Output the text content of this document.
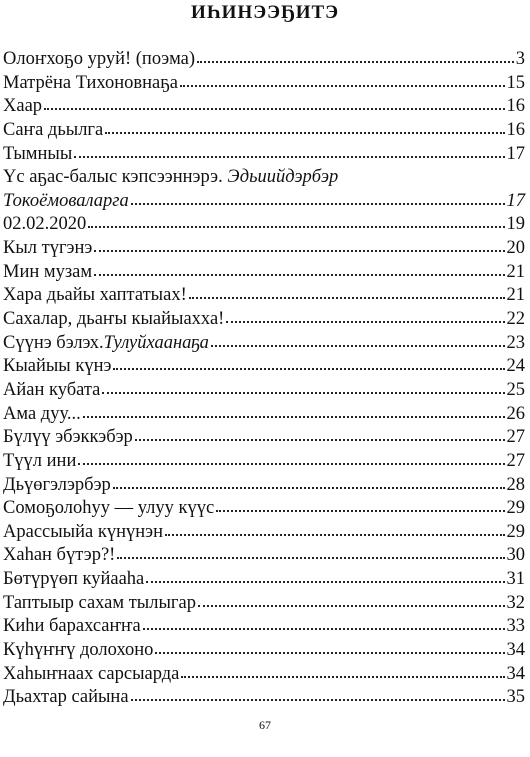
ИҺИНЭЭҔИТЭ
Олоҥхоҕо уруй! (поэма)	3
Матрёна Тихоновнаҕа	15
Хаар	16
Саҥа дьылга	16
Тымныы	17
Үс аҕас-балыс кэпсээннэрэ. Эдьиийдэрбэр
Токоёмоваларга	17
02.02.2020	19
Кыл түгэнэ	20
Мин музам	21
Хара дьайы хаптатыах!	21
Сахалар, дьаҥы кыайыахха!	22
Сүүнэ бэлэх. Тулуйхаанаҕа	23
Кыайыы күнэ	24
Айан кубата	25
Ама дуу...	26
Бүлүү эбэккэбэр	27
Түүл ини	27
Дьүөгэлэрбэр	28
Сомоҕолоһуу — улуу күүс	29
Арассыыйа күнүнэн	29
Хаһан бүтэр?!	30
Бөтүрүөп куйааһа	31
Таптыыр сахам тылыгар	32
Киһи барахсаҥҥа	33
Күһүҥҥү долохоно	34
Хаһыҥнаах сарсыарда	34
Дьахтар сайына	35
67
